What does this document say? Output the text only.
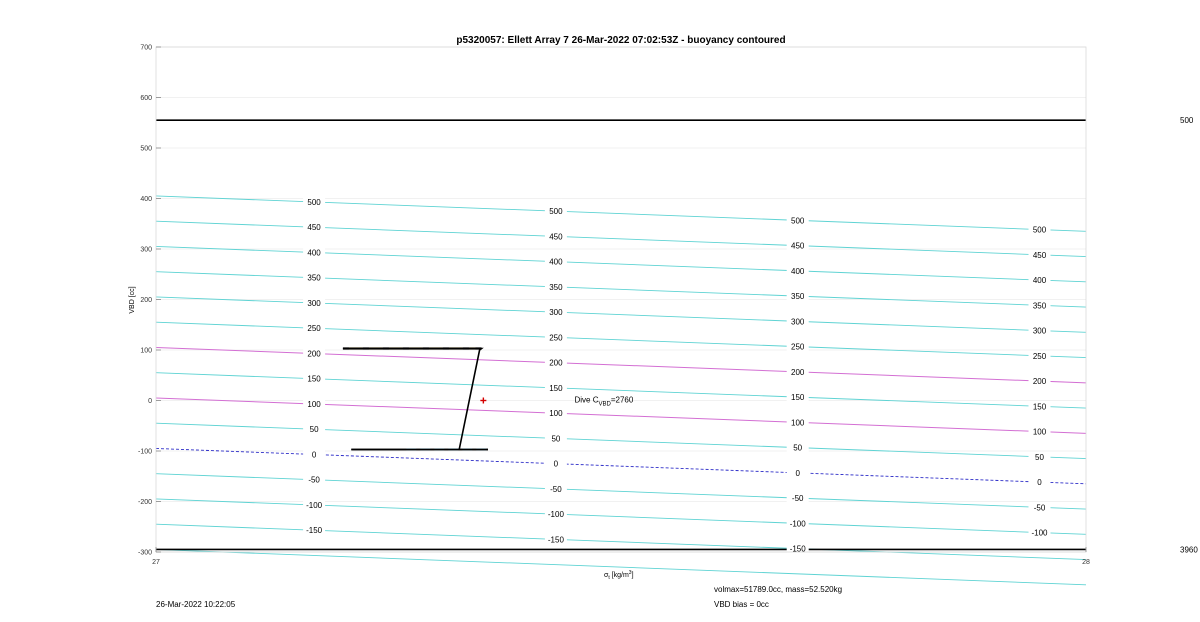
500
3960
-150
-150
-150
-100
-100
-100
-100
-50
-50
-50
-50
0
0
0
0
50
50
50
50
100
100
100
100
150
150
150
150
200
200
200
200
250
250
250
250
300
300
300
300
350
350
350
350
400
400
400
400
450
450
450
450
500
500
500
500
700
600
500
400
300
200
100
0
-100
-200
-300
27	28
p5320057: Ellett Array 7 26-Mar-2022 07:02:53Z - buoyancy contoured
VBD [cc]
$\sigma_t$ $[kg/m^3]$
Dive $C_{VBD}=2760$
26-Mar-2022 10:22:05
volmax=51789.0cc, mass=52.520kg
VBD bias = 0cc
